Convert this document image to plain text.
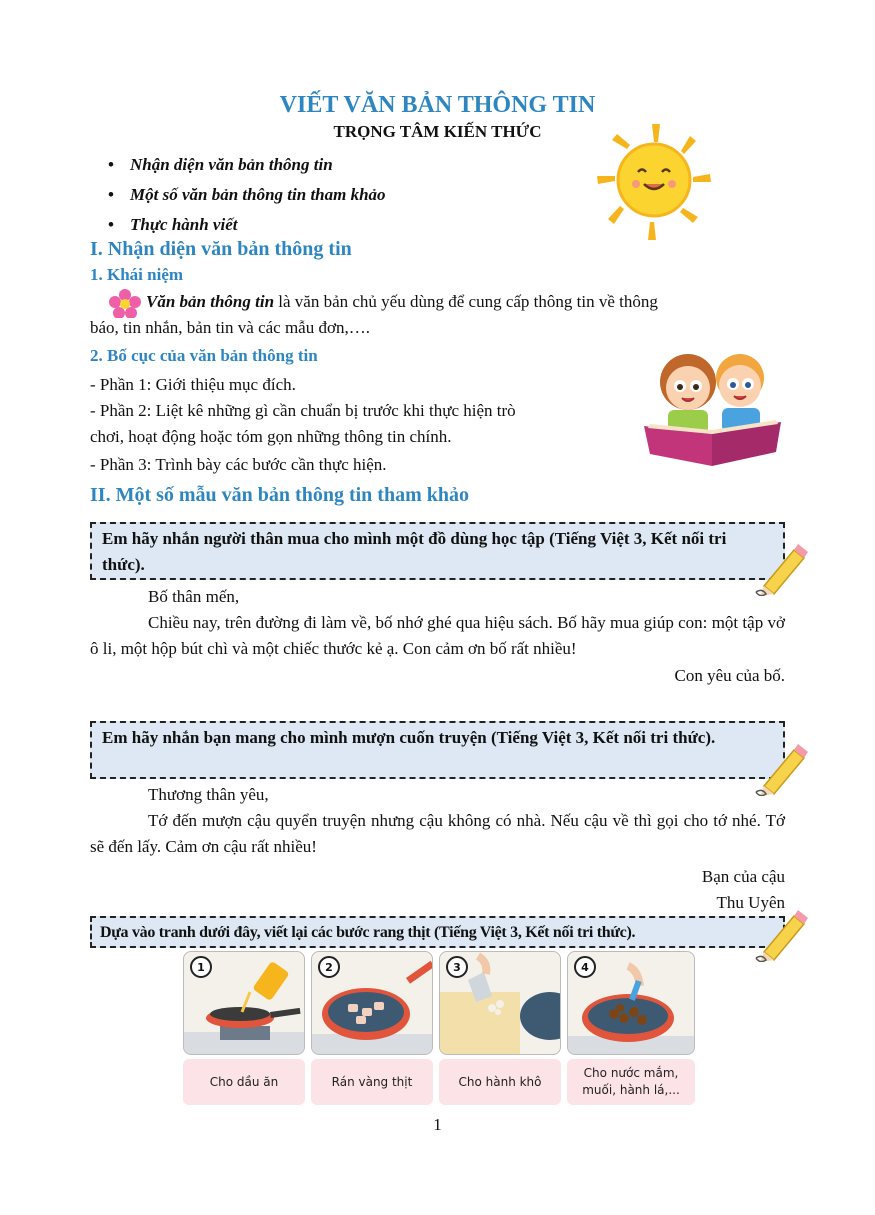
VIẾT VĂN BẢN THÔNG TIN
TRỌNG TÂM KIẾN THỨC
• Nhận diện văn bản thông tin
• Một số văn bản thông tin tham khảo
• Thực hành viết
I. Nhận diện văn bản thông tin
1. Khái niệm
Văn bản thông tin là văn bản chủ yếu dùng để cung cấp thông tin về thông
báo, tin nhắn, bản tin và các mẫu đơn,….
2. Bố cục của văn bản thông tin
- Phần 1: Giới thiệu mục đích.
- Phần 2: Liệt kê những gì cần chuẩn bị trước khi thực hiện trò
chơi, hoạt động hoặc tóm gọn những thông tin chính.
- Phần 3: Trình bày các bước cần thực hiện.
II. Một số mẫu văn bản thông tin tham khảo
Em hãy nhắn người thân mua cho mình một đồ dùng học tập (Tiếng Việt 3, Kết nối tri thức).
Bố thân mến,
Chiều nay, trên đường đi làm về, bố nhớ ghé qua hiệu sách. Bố hãy mua giúp con: một tập vở ô li, một hộp bút chì và một chiếc thước kẻ ạ. Con cảm ơn bố rất nhiều!
Con yêu của bố.
Em hãy nhắn bạn mang cho mình mượn cuốn truyện (Tiếng Việt 3, Kết nối tri thức).
Thương thân yêu,
Tớ đến mượn cậu quyển truyện nhưng cậu không có nhà. Nếu cậu về thì gọi cho tớ nhé. Tớ sẽ đến lấy. Cảm ơn cậu rất nhiều!
Bạn của cậu
Thu Uyên
Dựa vào tranh dưới đây, viết lại các bước rang thịt (Tiếng Việt 3, Kết nối tri thức).
1
Cho dầu ăn
2
Rán vàng thịt
3
Cho hành khô
4
Cho nước mắm, muối, hành lá,...
1
